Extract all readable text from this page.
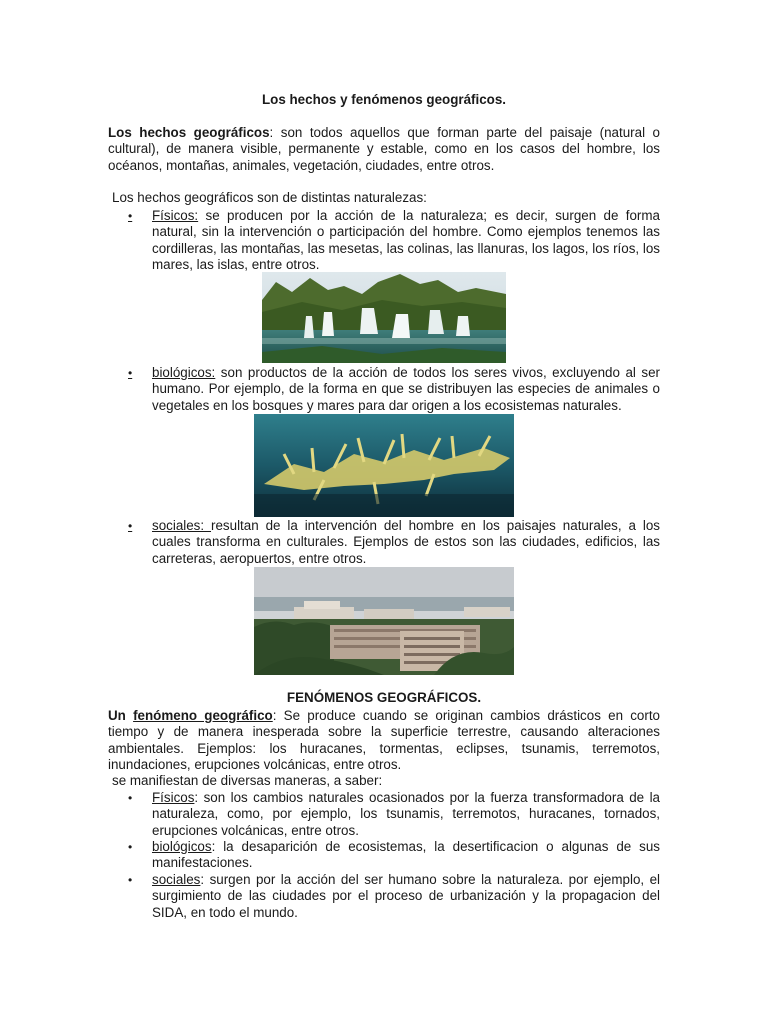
Los hechos y fenómenos geográficos.
Los hechos geográficos: son todos aquellos que forman parte del paisaje (natural o cultural), de manera visible, permanente y estable, como en los casos del hombre, los océanos, montañas, animales, vegetación, ciudades, entre otros.
Los hechos geográficos son de distintas naturalezas:
•	Físicos: se producen por la acción de la naturaleza; es decir, surgen de forma natural, sin la intervención o participación del hombre. Como ejemplos tenemos las cordilleras, las montañas, las mesetas, las colinas, las llanuras, los lagos, los ríos, los mares, las islas, entre otros.
•	biológicos: son productos de la acción de todos los seres vivos, excluyendo al ser humano. Por ejemplo, de la forma en que se distribuyen las especies de animales o vegetales en los bosques y mares para dar origen a los ecosistemas naturales.
•	sociales: resultan de la intervención del hombre en los paisajes naturales, a los cuales transforma en culturales. Ejemplos de estos son las ciudades, edificios, las carreteras, aeropuertos, entre otros.
FENÓMENOS GEOGRÁFICOS.
Un fenómeno geográfico: Se produce cuando se originan cambios drásticos en corto tiempo y de manera inesperada sobre la superficie terrestre, causando alteraciones ambientales. Ejemplos: los huracanes, tormentas, eclipses, tsunamis, terremotos, inundaciones, erupciones volcánicas, entre otros.
se manifiestan de diversas maneras, a saber:
•	Físicos: son los cambios naturales ocasionados por la fuerza transformadora de la naturaleza, como, por ejemplo, los tsunamis, terremotos, huracanes, tornados, erupciones volcánicas, entre otros.
•	biológicos: la desaparición de ecosistemas, la desertificacion o algunas de sus manifestaciones.
•	sociales: surgen por la acción del ser humano sobre la naturaleza. por ejemplo, el surgimiento de las ciudades por el proceso de urbanización y la propagacion del SIDA, en todo el mundo.
